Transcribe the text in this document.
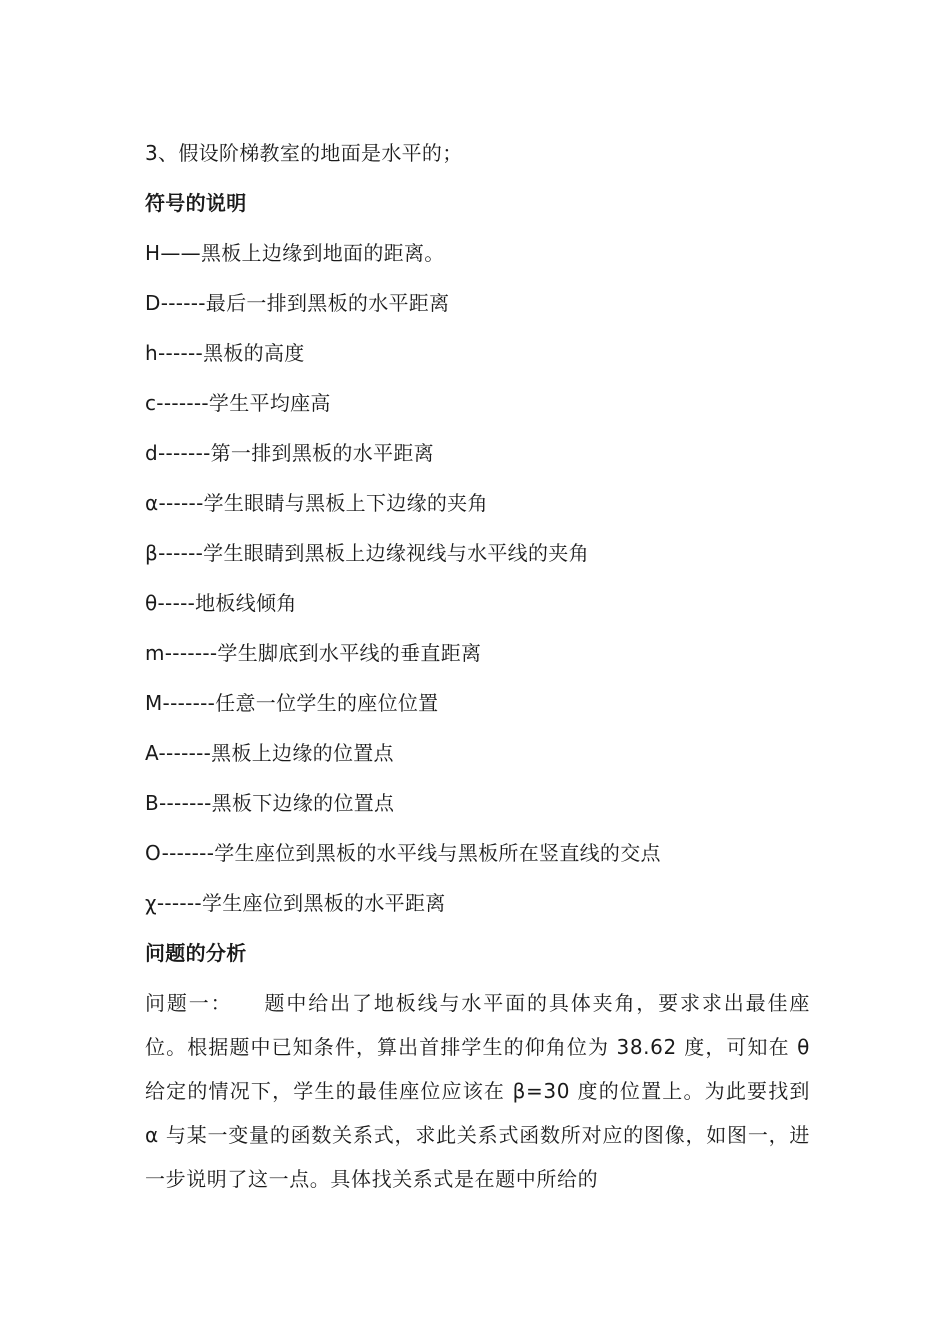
3、假设阶梯教室的地面是水平的；
符号的说明
H——黑板上边缘到地面的距离。
D------最后一排到黑板的水平距离
h------黑板的高度
c-------学生平均座高
d-------第一排到黑板的水平距离
α------学生眼睛与黑板上下边缘的夹角
β------学生眼睛到黑板上边缘视线与水平线的夹角
θ-----地板线倾角
m-------学生脚底到水平线的垂直距离
M-------任意一位学生的座位位置
A-------黑板上边缘的位置点
B-------黑板下边缘的位置点
O-------学生座位到黑板的水平线与黑板所在竖直线的交点
χ------学生座位到黑板的水平距离
问题的分析
问题一： 题中给出了地板线与水平面的具体夹角，要求求出最佳座位。根据题中已知条件，算出首排学生的仰角位为 38.62 度，可知在 θ 给定的情况下，学生的最佳座位应该在 β=30 度的位置上。为此要找到 α 与某一变量的函数关系式，求此关系式函数所对应的图像，如图一，进一步说明了这一点。具体找关系式是在题中所给的
